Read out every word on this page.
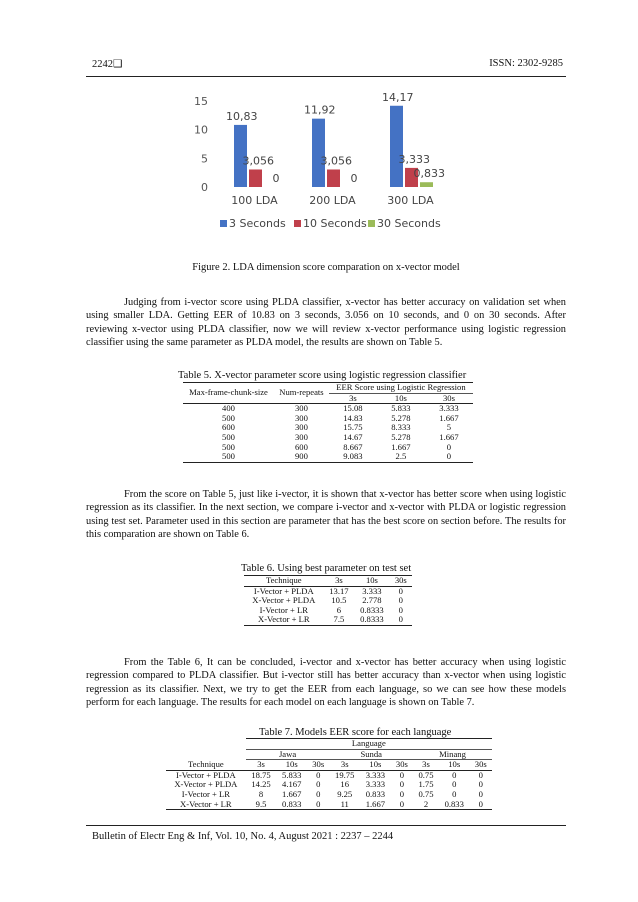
2242❑	ISSN: 2302-9285
0
5
10
15
10,83
3,056
0
100 LDA
11,92
3,056
0
200 LDA
14,17
3,333
0,833
300 LDA
3 Seconds 10 Seconds 30 Seconds
Figure 2. LDA dimension score comparation on x-vector model

Judging from i-vector score using PLDA classifier, x-vector has better accuracy on validation set when using smaller LDA. Getting EER of 10.83 on 3 seconds, 3.056 on 10 seconds, and 0 on 30 seconds. After reviewing x-vector using PLDA classifier, now we will review x-vector performance using logistic regression classifier using the same parameter as PLDA model, the results are shown on Table 5.

Table 5. X-vector parameter score using logistic regression classifier
Max-frame-chunk-size	Num-repeats	EER Score using Logistic Regression		
		3s	10s	30s
400	300	15.08	5.833	3.333
500	300	14.83	5.278	1.667
600	300	15.75	8.333	5
500	300	14.67	5.278	1.667
500	600	8.667	1.667	0
500	900	9.083	2.5	0

From the score on Table 5, just like i-vector, it is shown that x-vector has better score when using logistic regression as its classifier. In the next section, we compare i-vector and x-vector with PLDA or logistic regression using test set. Parameter used in this section are parameter that has the best score on section before. The results for this comparation are shown on Table 6.

Table 6. Using best parameter on test set
Technique	3s	10s	30s
I-Vector + PLDA	13.17	3.333	0
X-Vector + PLDA	10.5	2.778	0
I-Vector + LR	6	0.8333	0
X-Vector + LR	7.5	0.8333	0

From the Table 6, It can be concluded, i-vector and x-vector has better accuracy when using logistic regression compared to PLDA classifier. But i-vector still has better accuracy than x-vector when using logistic regression as its classifier. Next, we try to get the EER from each language, so we can see how these models perform for each language. The results for each model on each language is shown on Table 7.

Table 7. Models EER score for each language
	Language								
	Jawa			Sunda			Minang		
Technique	3s	10s	30s	3s	10s	30s	3s	10s	30s
I-Vector + PLDA	18.75	5.833	0	19.75	3.333	0	0.75	0	0
X-Vector + PLDA	14.25	4.167	0	16	3.333	0	1.75	0	0
I-Vector + LR	8	1.667	0	9.25	0.833	0	0.75	0	0
X-Vector + LR	9.5	0.833	0	11	1.667	0	2	0.833	0
Bulletin of Electr Eng & Inf, Vol. 10, No. 4, August 2021 : 2237 – 2244
